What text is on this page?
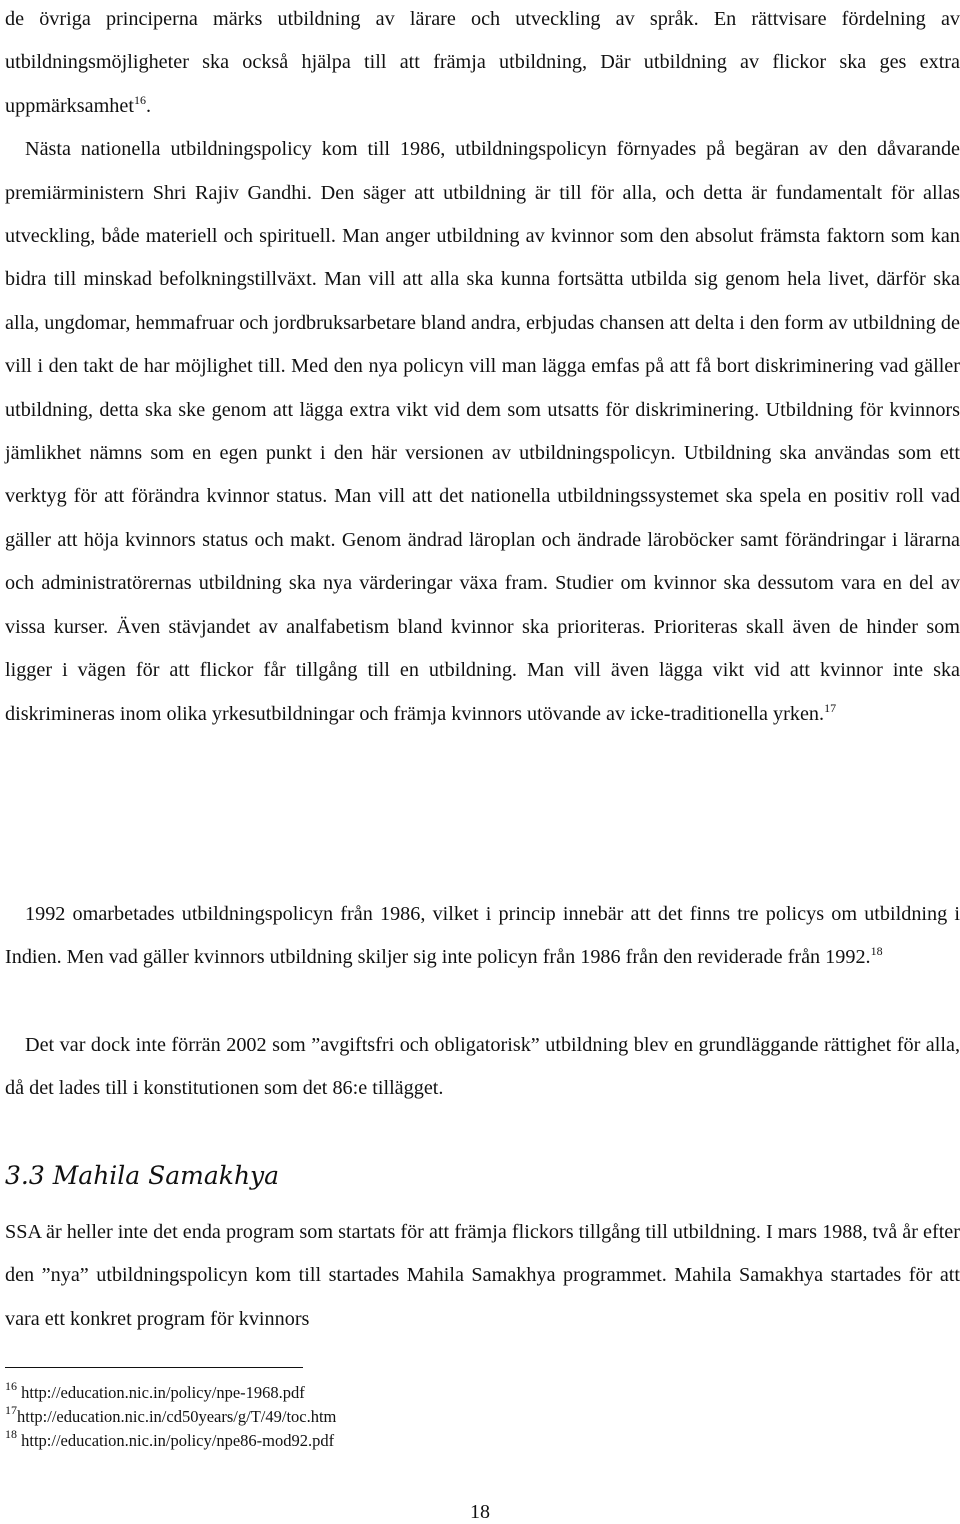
de övriga principerna märks utbildning av lärare och utveckling av språk. En rättvisare fördelning av utbildningsmöjligheter ska också hjälpa till att främja utbildning, Där utbildning av flickor ska ges extra uppmärksamhet$^{16}$.
Nästa nationella utbildningspolicy kom till 1986, utbildningspolicyn förnyades på begäran av den dåvarande premiärministern Shri Rajiv Gandhi. Den säger att utbildning är till för alla, och detta är fundamentalt för allas utveckling, både materiell och spirituell. Man anger utbildning av kvinnor som den absolut främsta faktorn som kan bidra till minskad befolkningstillväxt. Man vill att alla ska kunna fortsätta utbilda sig genom hela livet, därför ska alla, ungdomar, hemmafruar och jordbruksarbetare bland andra, erbjudas chansen att delta i den form av utbildning de vill i den takt de har möjlighet till. Med den nya policyn vill man lägga emfas på att få bort diskriminering vad gäller utbildning, detta ska ske genom att lägga extra vikt vid dem som utsatts för diskriminering. Utbildning för kvinnors jämlikhet nämns som en egen punkt i den här versionen av utbildningspolicyn. Utbildning ska användas som ett verktyg för att förändra kvinnor status. Man vill att det nationella utbildningssystemet ska spela en positiv roll vad gäller att höja kvinnors status och makt. Genom ändrad läroplan och ändrade läroböcker samt förändringar i lärarna och administratörernas utbildning ska nya värderingar växa fram. Studier om kvinnor ska dessutom vara en del av vissa kurser. Även stävjandet av analfabetism bland kvinnor ska prioriteras. Prioriteras skall även de hinder som ligger i vägen för att flickor får tillgång till en utbildning. Man vill även lägga vikt vid att kvinnor inte ska diskrimineras inom olika yrkesutbildningar och främja kvinnors utövande av icke-traditionella yrken.$^{17}$

1992 omarbetades utbildningspolicyn från 1986, vilket i princip innebär att det finns tre policys om utbildning i Indien. Men vad gäller kvinnors utbildning skiljer sig inte policyn från 1986 från den reviderade från 1992.18

Det var dock inte förrän 2002 som ”avgiftsfri och obligatorisk” utbildning blev en grundläggande rättighet för alla, då det lades till i konstitutionen som det 86:e tillägget.

3.3 Mahila Samakhya

SSA är heller inte det enda program som startats för att främja flickors tillgång till utbildning. I mars 1988, två år efter den ”nya” utbildningspolicyn kom till startades Mahila Samakhya programmet. Mahila Samakhya startades för att vara ett konkret program för kvinnors

$^{16}$ http://education.nic.in/policy/npe-1968.pdf

$^{17}$http://education.nic.in/cd50years/g/T/49/toc.htm

$^{18}$ http://education.nic.in/policy/npe86-mod92.pdf

18
